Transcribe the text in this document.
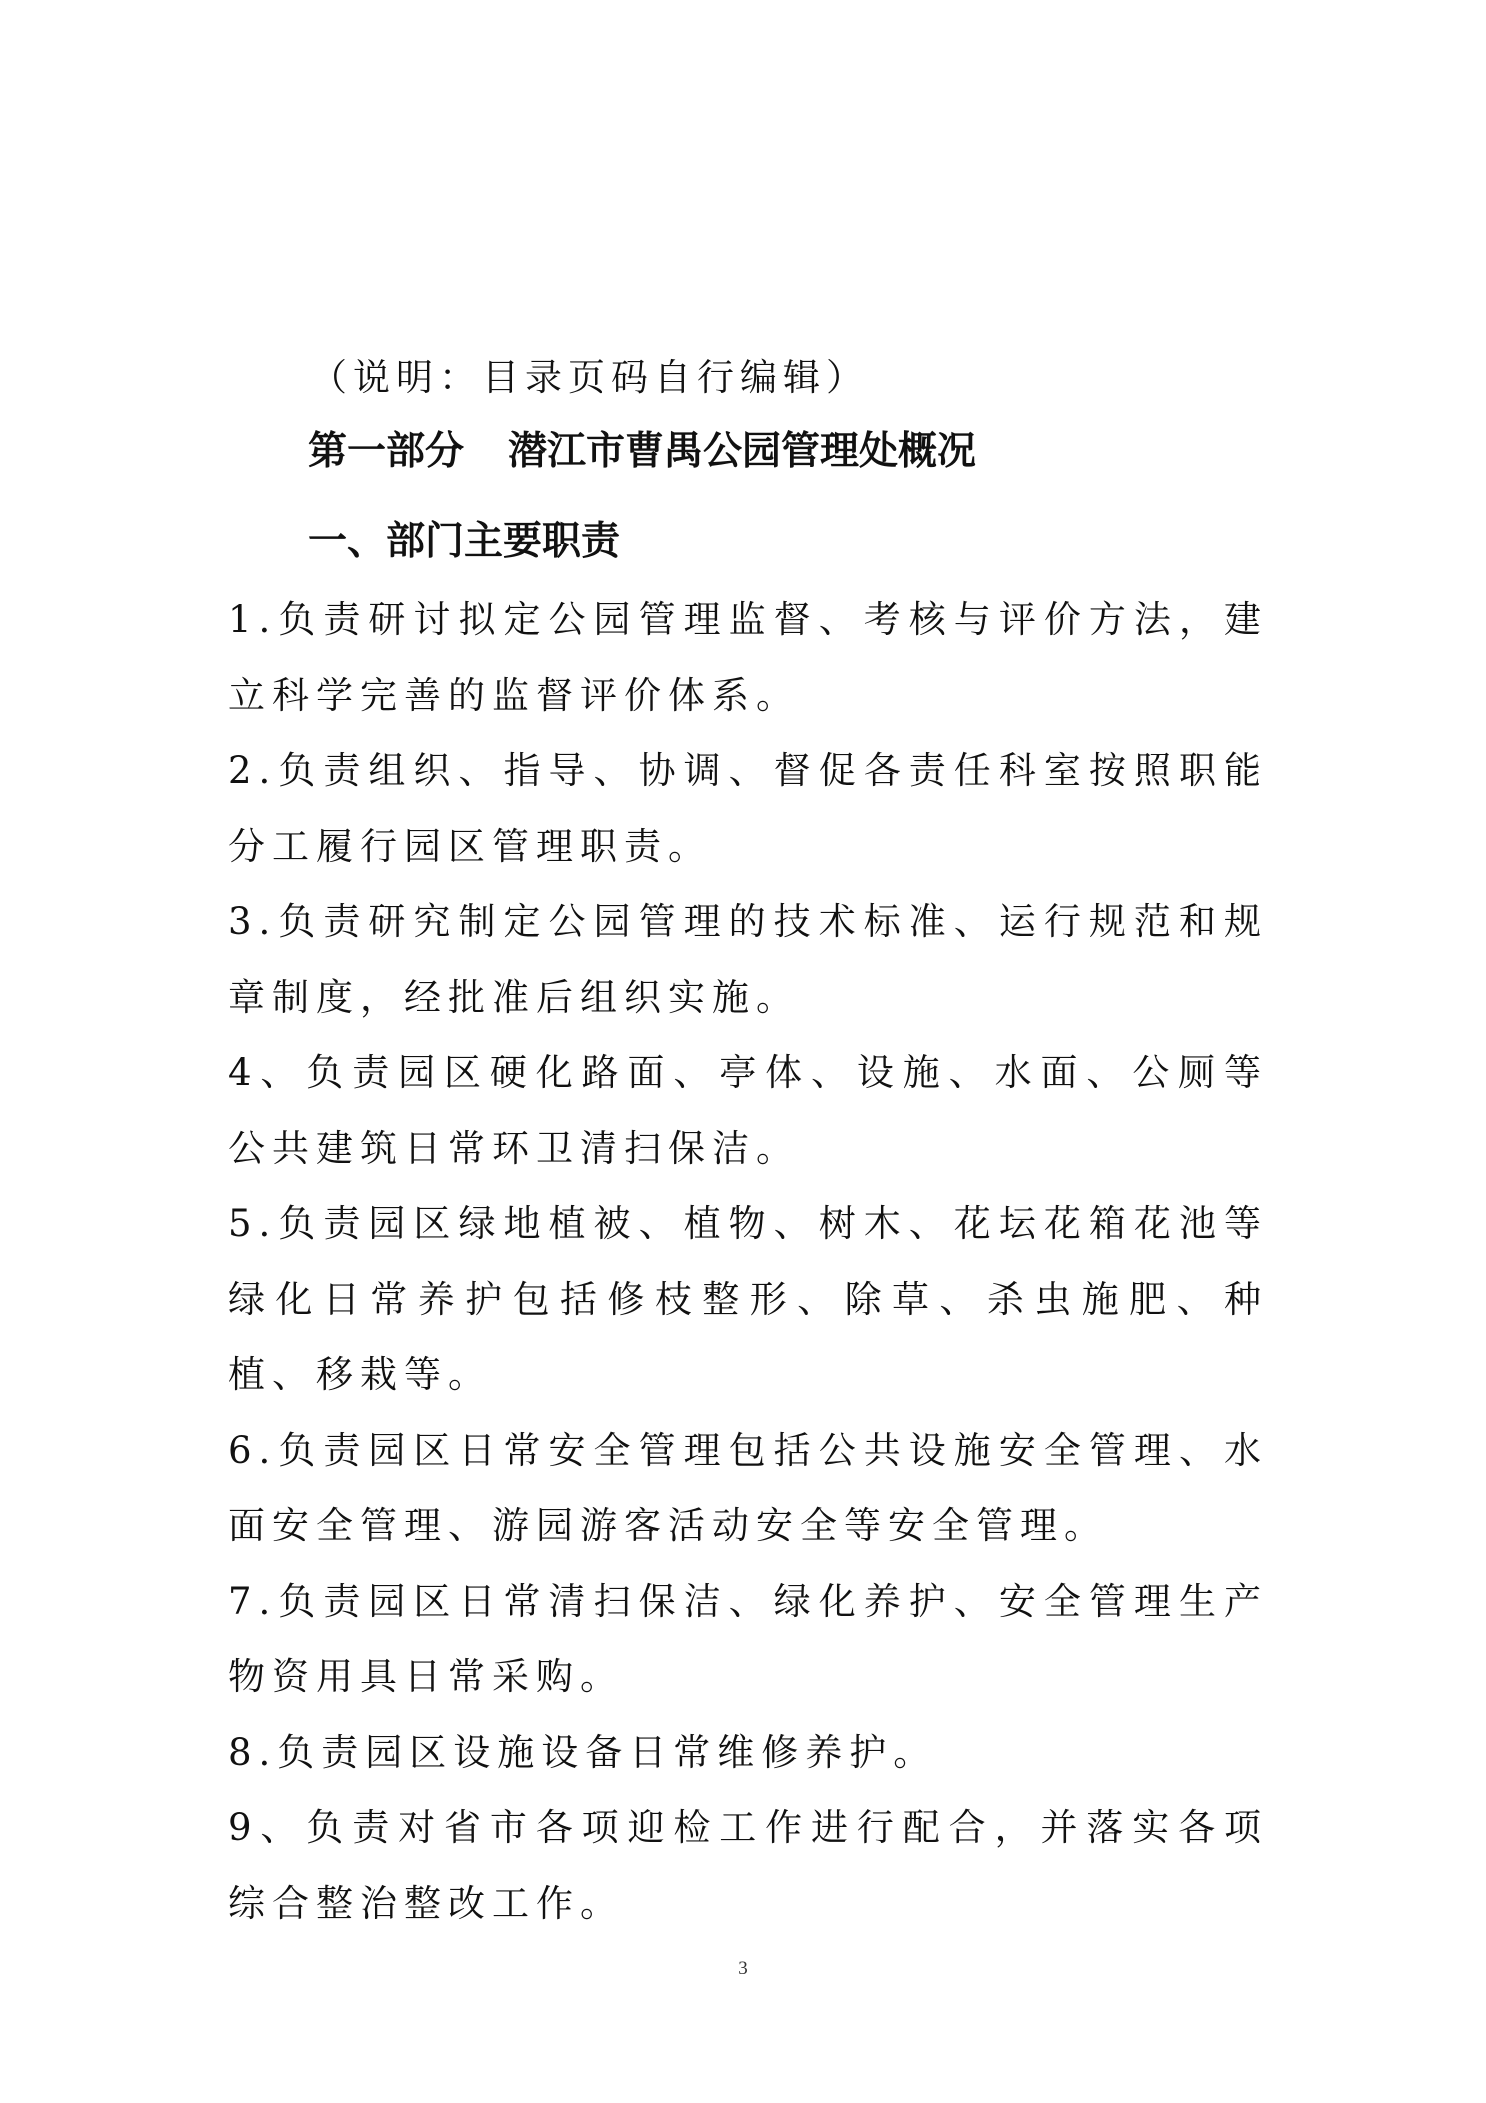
（说明：目录页码自行编辑）
第一部分 潜江市曹禺公园管理处概况
一、部门主要职责
1.负责研讨拟定公园管理监督、考核与评价方法，建立科学完善的监督评价体系。
2.负责组织、指导、协调、督促各责任科室按照职能分工履行园区管理职责。
3.负责研究制定公园管理的技术标准、运行规范和规章制度，经批准后组织实施。
4、负责园区硬化路面、亭体、设施、水面、公厕等公共建筑日常环卫清扫保洁。
5.负责园区绿地植被、植物、树木、花坛花箱花池等绿化日常养护包括修枝整形、除草、杀虫施肥、种植、移栽等。
6.负责园区日常安全管理包括公共设施安全管理、水面安全管理、游园游客活动安全等安全管理。
7.负责园区日常清扫保洁、绿化养护、安全管理生产物资用具日常采购。
8.负责园区设施设备日常维修养护。
9、负责对省市各项迎检工作进行配合，并落实各项综合整治整改工作。
3
